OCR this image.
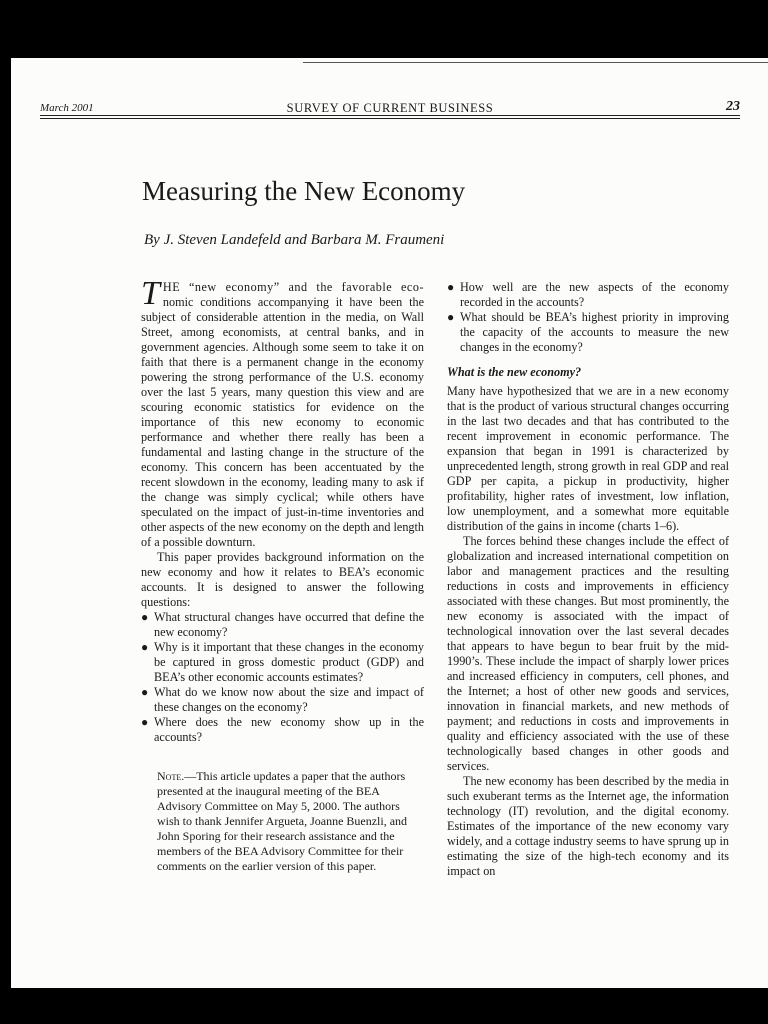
March 2001	SURVEY OF CURRENT BUSINESS	23
Measuring the New Economy
By J. Steven Landefeld and Barbara M. Fraumeni

THE “new economy” and the favorable eco- nomic conditions accompanying it have been the subject of considerable attention in the media, on Wall Street, among economists, at central banks, and in government agencies. Although some seem to take it on faith that there is a permanent change in the economy powering the strong performance of the U.S. economy over the last 5 years, many question this view and are scouring economic statistics for evidence on the importance of this new economy to economic performance and whether there really has been a fundamental and lasting change in the structure of the economy. This concern has been accentuated by the recent slowdown in the economy, leading many to ask if the change was simply cyclical; while others have speculated on the impact of just-in-time inventories and other aspects of the new economy on the depth and length of a possible downturn.

This paper provides background information on the new economy and how it relates to BEA’s economic accounts. It is designed to answer the following questions:

● What structural changes have occurred that define the new economy?
● Why is it important that these changes in the economy be captured in gross domestic product (GDP) and BEA’s other economic accounts estimates?
● What do we know now about the size and impact of these changes on the economy?
● Where does the new economy show up in the accounts?

Note.—This article updates a paper that the authors presented at the inaugural meeting of the BEA Advisory Committee on May 5, 2000. The authors wish to thank Jennifer Argueta, Joanne Buenzli, and John Sporing for their research assistance and the members of the BEA Advisory Committee for their comments on the earlier version of this paper.

● How well are the new aspects of the economy recorded in the accounts?
● What should be BEA’s highest priority in improving the capacity of the accounts to measure the new changes in the economy?

What is the new economy?

Many have hypothesized that we are in a new economy that is the product of various structural changes occurring in the last two decades and that has contributed to the recent improvement in economic performance. The expansion that began in 1991 is characterized by unprecedented length, strong growth in real GDP and real GDP per capita, a pickup in productivity, higher profitability, higher rates of investment, low inflation, low unemployment, and a somewhat more equitable distribution of the gains in income (charts 1–6).

The forces behind these changes include the effect of globalization and increased international competition on labor and management practices and the resulting reductions in costs and improvements in efficiency associated with these changes. But most prominently, the new economy is associated with the impact of technological innovation over the last several decades that appears to have begun to bear fruit by the mid-1990’s. These include the impact of sharply lower prices and increased efficiency in computers, cell phones, and the Internet; a host of other new goods and services, innovation in financial markets, and new methods of payment; and reductions in costs and improvements in quality and efficiency associated with the use of these technologically based changes in other goods and services.

The new economy has been described by the media in such exuberant terms as the Internet age, the information technology (IT) revolution, and the digital economy. Estimates of the importance of the new economy vary widely, and a cottage industry seems to have sprung up in estimating the size of the high-tech economy and its impact on
